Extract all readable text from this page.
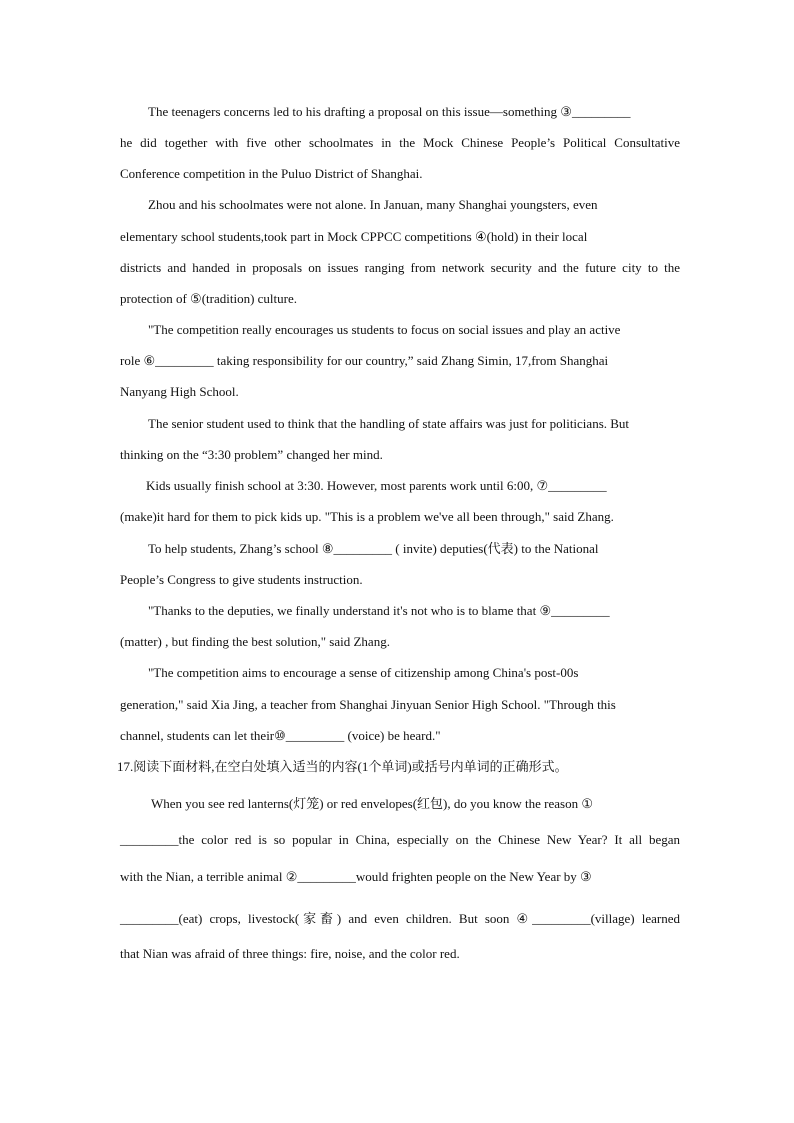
The teenagers concerns led to his drafting a proposal on this issue—something ③_________
he did together with five other schoolmates in the Mock Chinese People’s Political Consultative
Conference competition in the Puluo District of Shanghai.
Zhou and his schoolmates were not alone. In Januan, many Shanghai youngsters, even
elementary school students,took part in Mock CPPCC competitions ④(hold) in their local
districts and handed in proposals on issues ranging from network security and the future city to the
protection of ⑤(tradition) culture.
"The competition really encourages us students to focus on social issues and play an active
role ⑥_________ taking responsibility for our country,” said Zhang Simin, 17,from Shanghai
Nanyang High School.
The senior student used to think that the handling of state affairs was just for politicians. But
thinking on the “3:30 problem” changed her mind.
Kids usually finish school at 3:30. However, most parents work until 6:00, ⑦_________
(make)it hard for them to pick kids up. "This is a problem we've all been through," said Zhang.
To help students, Zhang’s school ⑧_________ ( invite) deputies(代表) to the National
People’s Congress to give students instruction.
"Thanks to the deputies, we finally understand it's not who is to blame that ⑨_________
(matter) , but finding the best solution," said Zhang.
"The competition aims to encourage a sense of citizenship among China's post-00s
generation," said Xia Jing, a teacher from Shanghai Jinyuan Senior High School. "Through this
channel, students can let their⑩_________ (voice) be heard."
17.阅读下面材料,在空白处填入适当的内容(1个单词)或括号内单词的正确形式。
When you see red lanterns(灯笼) or red envelopes(红包), do you know the reason ①
_________the color red is so popular in China, especially on the Chinese New Year? It all began
with the Nian, a terrible animal ②_________would frighten people on the New Year by ③
_________(eat) crops, livestock(家畜) and even children. But soon ④_________(village) learned
that Nian was afraid of three things: fire, noise, and the color red.
